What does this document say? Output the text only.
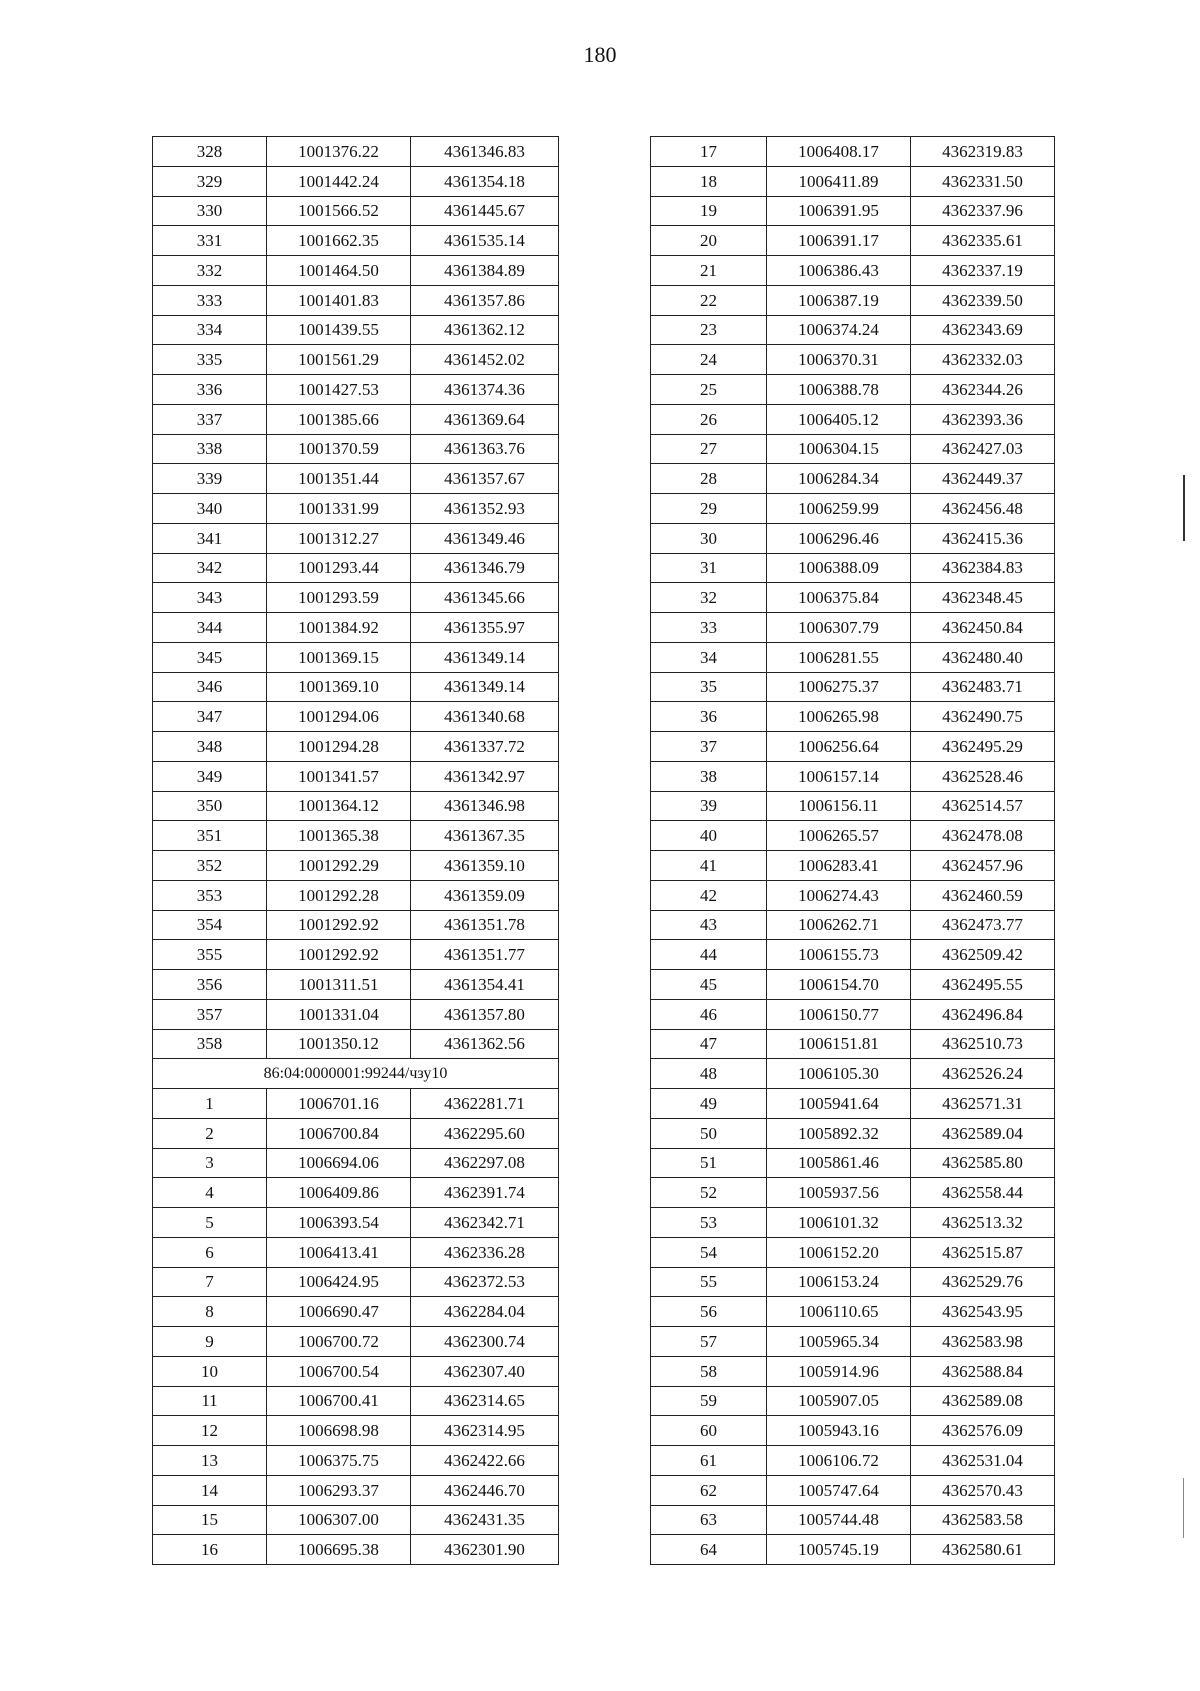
180
328	1001376.22	4361346.83
329	1001442.24	4361354.18
330	1001566.52	4361445.67
331	1001662.35	4361535.14
332	1001464.50	4361384.89
333	1001401.83	4361357.86
334	1001439.55	4361362.12
335	1001561.29	4361452.02
336	1001427.53	4361374.36
337	1001385.66	4361369.64
338	1001370.59	4361363.76
339	1001351.44	4361357.67
340	1001331.99	4361352.93
341	1001312.27	4361349.46
342	1001293.44	4361346.79
343	1001293.59	4361345.66
344	1001384.92	4361355.97
345	1001369.15	4361349.14
346	1001369.10	4361349.14
347	1001294.06	4361340.68
348	1001294.28	4361337.72
349	1001341.57	4361342.97
350	1001364.12	4361346.98
351	1001365.38	4361367.35
352	1001292.29	4361359.10
353	1001292.28	4361359.09
354	1001292.92	4361351.78
355	1001292.92	4361351.77
356	1001311.51	4361354.41
357	1001331.04	4361357.80
358	1001350.12	4361362.56
86:04:0000001:99244/чзу10		
1	1006701.16	4362281.71
2	1006700.84	4362295.60
3	1006694.06	4362297.08
4	1006409.86	4362391.74
5	1006393.54	4362342.71
6	1006413.41	4362336.28
7	1006424.95	4362372.53
8	1006690.47	4362284.04
9	1006700.72	4362300.74
10	1006700.54	4362307.40
11	1006700.41	4362314.65
12	1006698.98	4362314.95
13	1006375.75	4362422.66
14	1006293.37	4362446.70
15	1006307.00	4362431.35
16	1006695.38	4362301.90
17	1006408.17	4362319.83
18	1006411.89	4362331.50
19	1006391.95	4362337.96
20	1006391.17	4362335.61
21	1006386.43	4362337.19
22	1006387.19	4362339.50
23	1006374.24	4362343.69
24	1006370.31	4362332.03
25	1006388.78	4362344.26
26	1006405.12	4362393.36
27	1006304.15	4362427.03
28	1006284.34	4362449.37
29	1006259.99	4362456.48
30	1006296.46	4362415.36
31	1006388.09	4362384.83
32	1006375.84	4362348.45
33	1006307.79	4362450.84
34	1006281.55	4362480.40
35	1006275.37	4362483.71
36	1006265.98	4362490.75
37	1006256.64	4362495.29
38	1006157.14	4362528.46
39	1006156.11	4362514.57
40	1006265.57	4362478.08
41	1006283.41	4362457.96
42	1006274.43	4362460.59
43	1006262.71	4362473.77
44	1006155.73	4362509.42
45	1006154.70	4362495.55
46	1006150.77	4362496.84
47	1006151.81	4362510.73
48	1006105.30	4362526.24
49	1005941.64	4362571.31
50	1005892.32	4362589.04
51	1005861.46	4362585.80
52	1005937.56	4362558.44
53	1006101.32	4362513.32
54	1006152.20	4362515.87
55	1006153.24	4362529.76
56	1006110.65	4362543.95
57	1005965.34	4362583.98
58	1005914.96	4362588.84
59	1005907.05	4362589.08
60	1005943.16	4362576.09
61	1006106.72	4362531.04
62	1005747.64	4362570.43
63	1005744.48	4362583.58
64	1005745.19	4362580.61
